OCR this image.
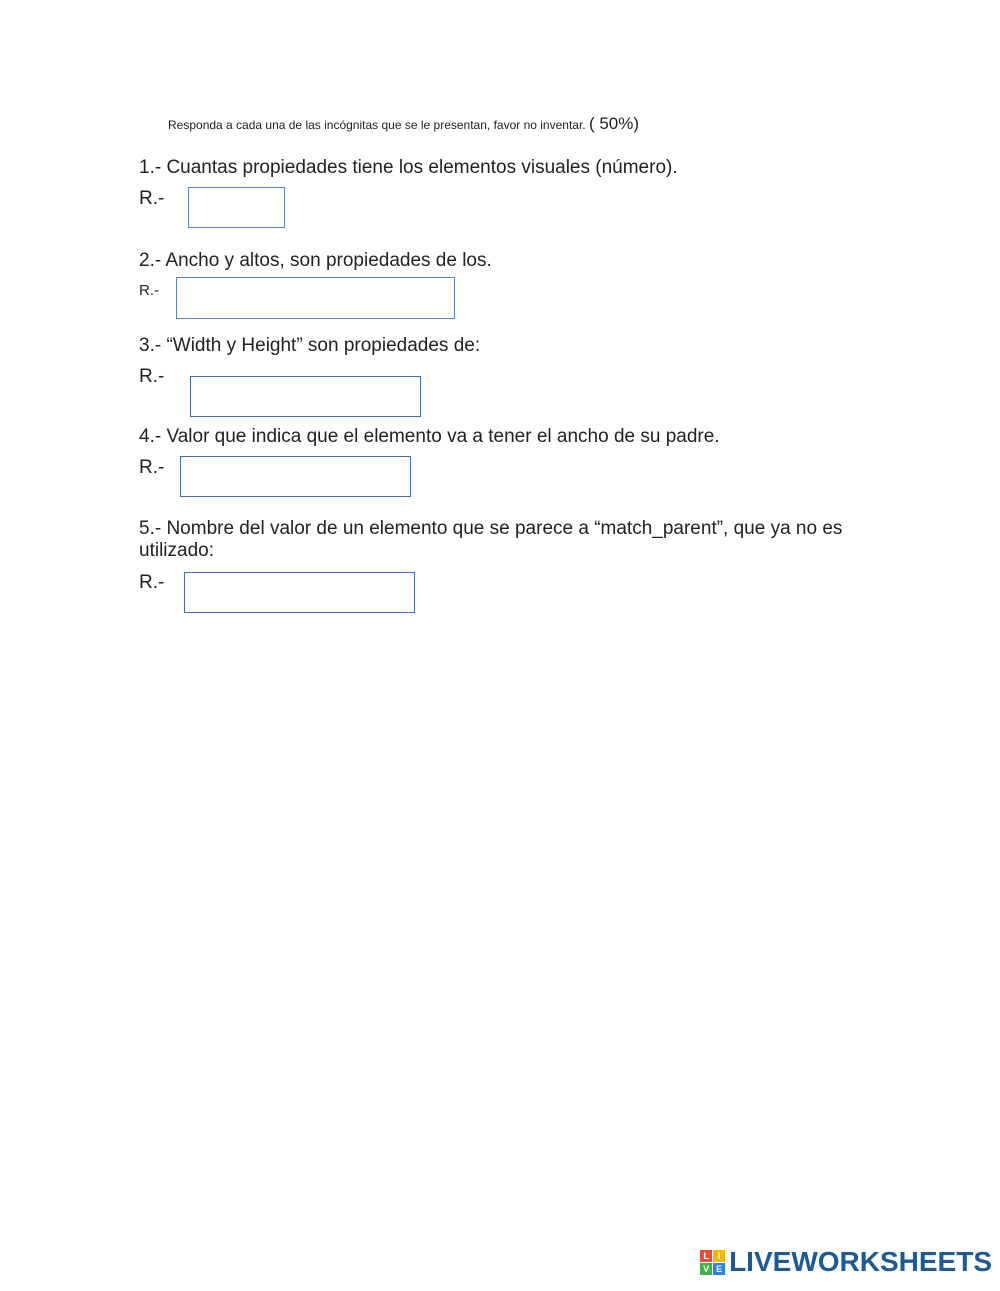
Responda a cada una de las incógnitas que se le presentan, favor no inventar. ( 50%)
1.- Cuantas propiedades tiene los elementos visuales (número).
R.-
2.- Ancho y altos, son propiedades de los.
R.-
3.- “Width y Height” son propiedades de:
R.-
4.- Valor que indica que el elemento va a tener el ancho de su padre.
R.-
5.- Nombre del valor de un elemento que se parece a “match_parent”, que ya no es utilizado:
R.-
L I
V E LIVEWORKSHEETS
